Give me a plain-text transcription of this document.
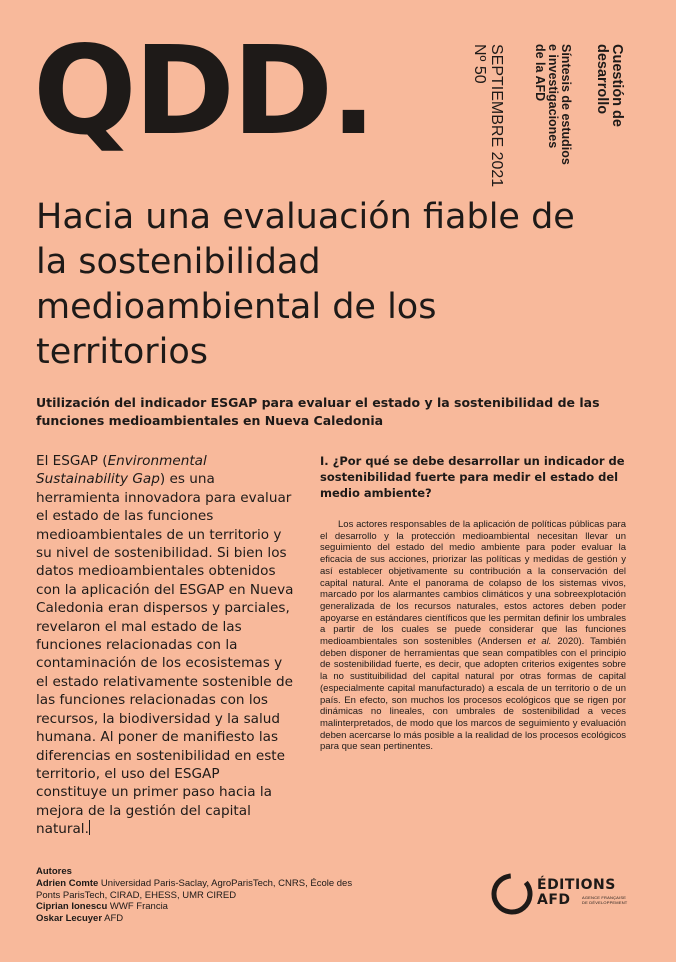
QDD.	Cuestión de
desarrollo
Síntesis de estudios
e investigaciones
de la AFD
SEPTIEMBRE 2021
Nº 50
Hacia una evaluación fiable de la sostenibilidad medioambiental de los territorios
Utilización del indicador ESGAP para evaluar el estado y la sostenibilidad de las funciones medioambientales en Nueva Caledonia
El ESGAP (Environmental Sustainability Gap) es una herramienta innovadora para evaluar el estado de las funciones medioambientales de un territorio y su nivel de sostenibilidad. Si bien los datos medioambientales obtenidos con la aplicación del ESGAP en Nueva Caledonia eran dispersos y parciales, revelaron el mal estado de las funciones relacionadas con la contaminación de los ecosistemas y el estado relativamente sostenible de las funciones relacionadas con los recursos, la biodiversidad y la salud humana. Al poner de manifiesto las diferencias en sostenibilidad en este territorio, el uso del ESGAP constituye un primer paso hacia la mejora de la gestión del capital natural.
I. ¿Por qué se debe desarrollar un indicador de sostenibilidad fuerte para medir el estado del medio ambiente?
Los actores responsables de la aplicación de políticas públicas para el desarrollo y la protección medioambiental necesitan llevar un seguimiento del estado del medio ambiente para poder evaluar la eficacia de sus acciones, priorizar las políticas y medidas de gestión y así establecer objetivamente su contribución a la conservación del capital natural. Ante el panorama de colapso de los sistemas vivos, marcado por los alarmantes cambios climáticos y una sobreexplotación generalizada de los recursos naturales, estos actores deben poder apoyarse en estándares científicos que les permitan definir los umbrales a partir de los cuales se puede considerar que las funciones medioambientales son sostenibles (Andersen et al. 2020). También deben disponer de herramientas que sean compatibles con el principio de sostenibilidad fuerte, es decir, que adopten criterios exigentes sobre la no sustituibilidad del capital natural por otras formas de capital (especialmente capital manufacturado) a escala de un territorio o de un país. En efecto, son muchos los procesos ecológicos que se rigen por dinámicas no lineales, con umbrales de sostenibilidad a veces malinterpretados, de modo que los marcos de seguimiento y evaluación deben acercarse lo más posible a la realidad de los procesos ecológicos para que sean pertinentes.
Autores
Adrien Comte Universidad Paris-Saclay, AgroParisTech, CNRS, École des Ponts ParisTech, CIRAD, EHESS, UMR CIRED
Ciprian Ionescu WWF Francia
Oskar Lecuyer AFD
ÉDITIONS
AFD	AGENCE FRANÇAISE DE DÉVELOPPEMENT
